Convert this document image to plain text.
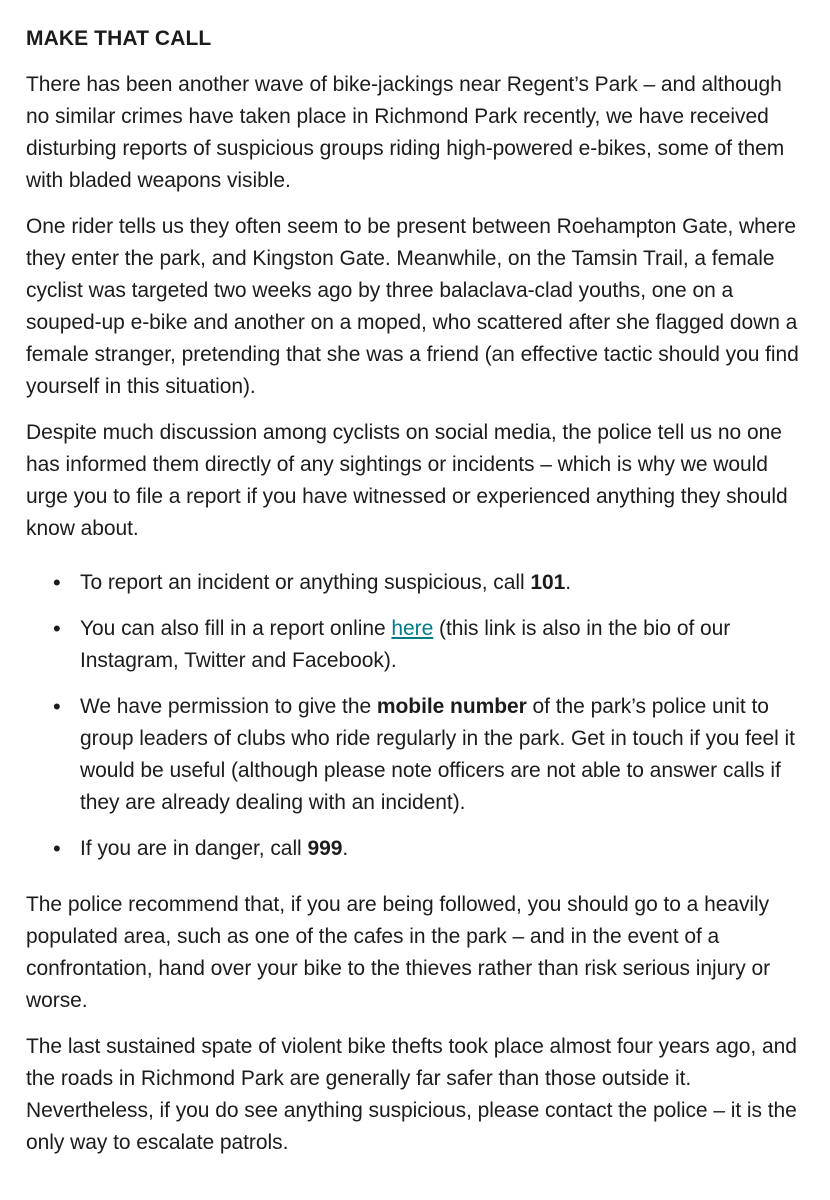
MAKE THAT CALL

There has been another wave of bike-jackings near Regent’s Park – and although no similar crimes have taken place in Richmond Park recently, we have received disturbing reports of suspicious groups riding high-powered e-bikes, some of them with bladed weapons visible.

One rider tells us they often seem to be present between Roehampton Gate, where they enter the park, and Kingston Gate. Meanwhile, on the Tamsin Trail, a female cyclist was targeted two weeks ago by three balaclava-clad youths, one on a souped-up e-bike and another on a moped, who scattered after she flagged down a female stranger, pretending that she was a friend (an effective tactic should you find yourself in this situation).

Despite much discussion among cyclists on social media, the police tell us no one has informed them directly of any sightings or incidents – which is why we would urge you to file a report if you have witnessed or experienced anything they should know about.

• To report an incident or anything suspicious, call 101.
• You can also fill in a report online here (this link is also in the bio of our Instagram, Twitter and Facebook).
• We have permission to give the mobile number of the park’s police unit to group leaders of clubs who ride regularly in the park. Get in touch if you feel it would be useful (although please note officers are not able to answer calls if they are already dealing with an incident).
• If you are in danger, call 999.

The police recommend that, if you are being followed, you should go to a heavily populated area, such as one of the cafes in the park – and in the event of a confrontation, hand over your bike to the thieves rather than risk serious injury or worse.

The last sustained spate of violent bike thefts took place almost four years ago, and the roads in Richmond Park are generally far safer than those outside it. Nevertheless, if you do see anything suspicious, please contact the police – it is the only way to escalate patrols.
